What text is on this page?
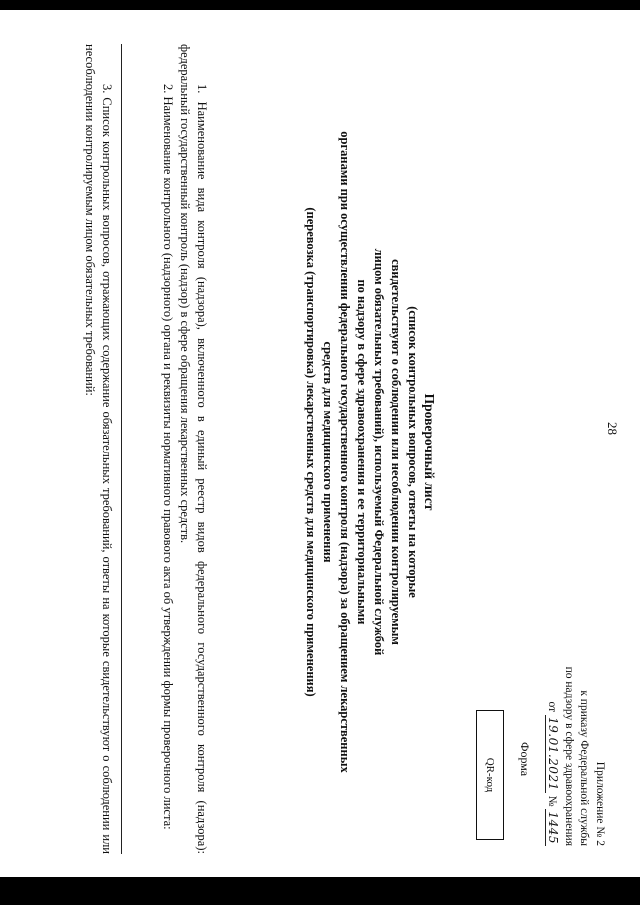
28
Приложение № 2
к приказу Федеральной службы
по надзору в сфере здравоохранения
от 19.01.2021 № 1445
Форма
QR-код
Проверочный лист
(список контрольных вопросов, ответы на которые
свидетельствуют о соблюдении или несоблюдении контролируемым
лицом обязательных требований), используемый Федеральной службой
по надзору в сфере здравоохранения и ее территориальными
органами при осуществлении федерального государственного контроля (надзора) за обращением лекарственных
средств для медицинского применения
(перевозка (транспортировка) лекарственных средств для медицинского применения)

1. Наименование вида контроля (надзора), включенного в единый реестр видов федерального государственного контроля (надзора): федеральный государственный контроль (надзор) в сфере обращения лекарственных средств.

2. Наименование контрольного (надзорного) органа и реквизиты нормативного правового акта об утверждении формы проверочного листа:

3. Список контрольных вопросов, отражающих содержание обязательных требований, ответы на которые свидетельствуют о соблюдении или несоблюдении контролируемым лицом обязательных требований:
